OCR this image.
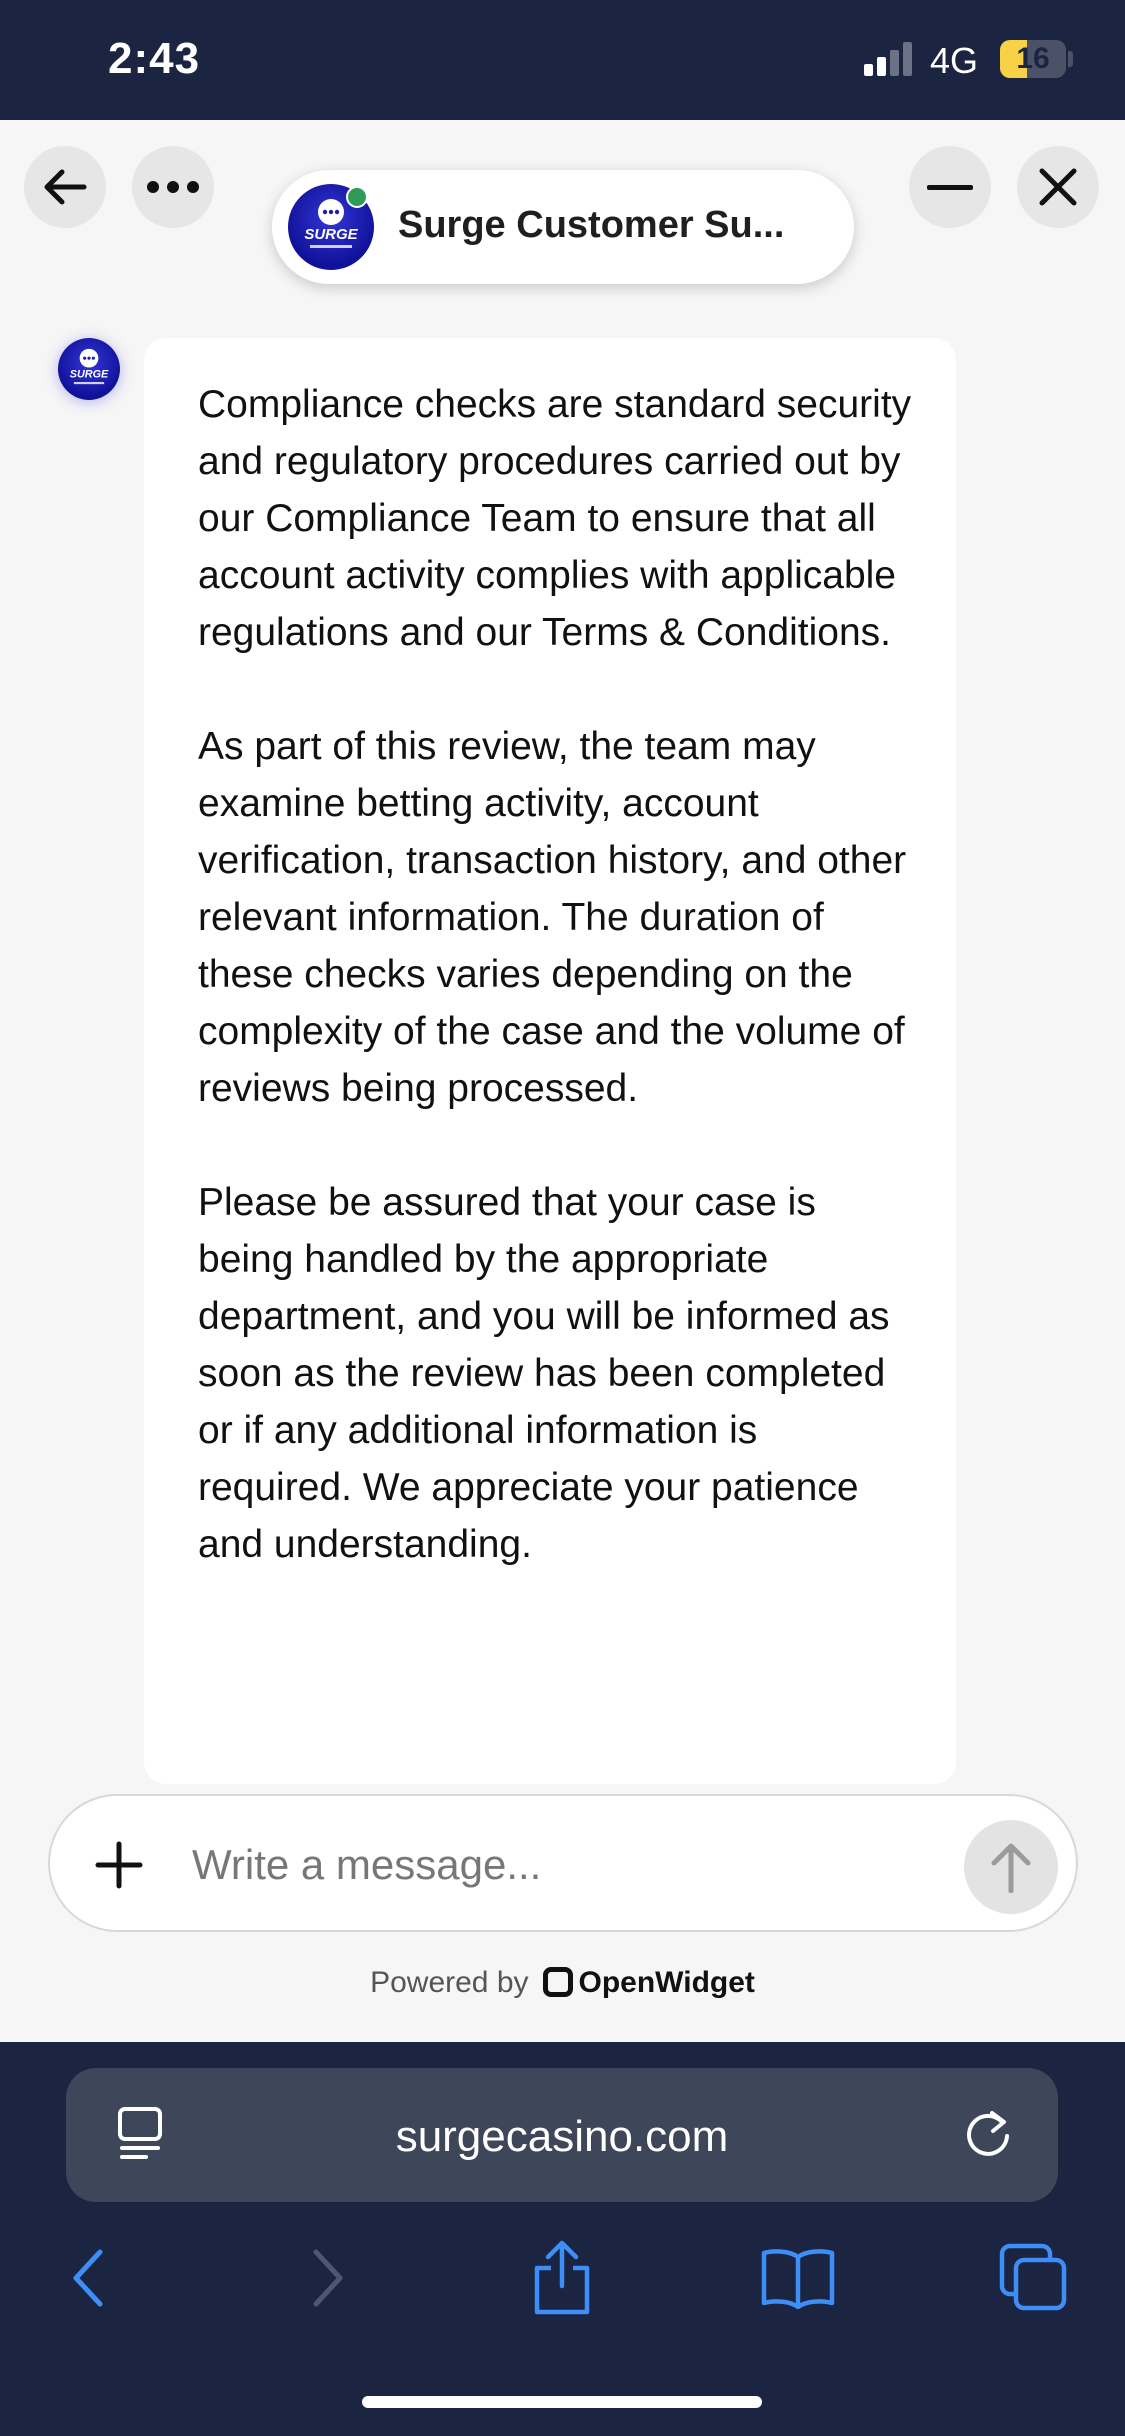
2:43	4G	16
SURGE Surge Customer Su...
SURGE

Compliance checks are standard security and regulatory procedures carried out by our Compliance Team to ensure that all account activity complies with applicable regulations and our Terms & Conditions.

As part of this review, the team may examine betting activity, account verification, transaction history, and other relevant information. The duration of these checks varies depending on the complexity of the case and the volume of reviews being processed.

Please be assured that your case is being handled by the appropriate department, and you will be informed as soon as the review has been completed or if any additional information is required. We appreciate your patience and understanding.

Write a message...
Powered by OpenWidget
surgecasino.com
